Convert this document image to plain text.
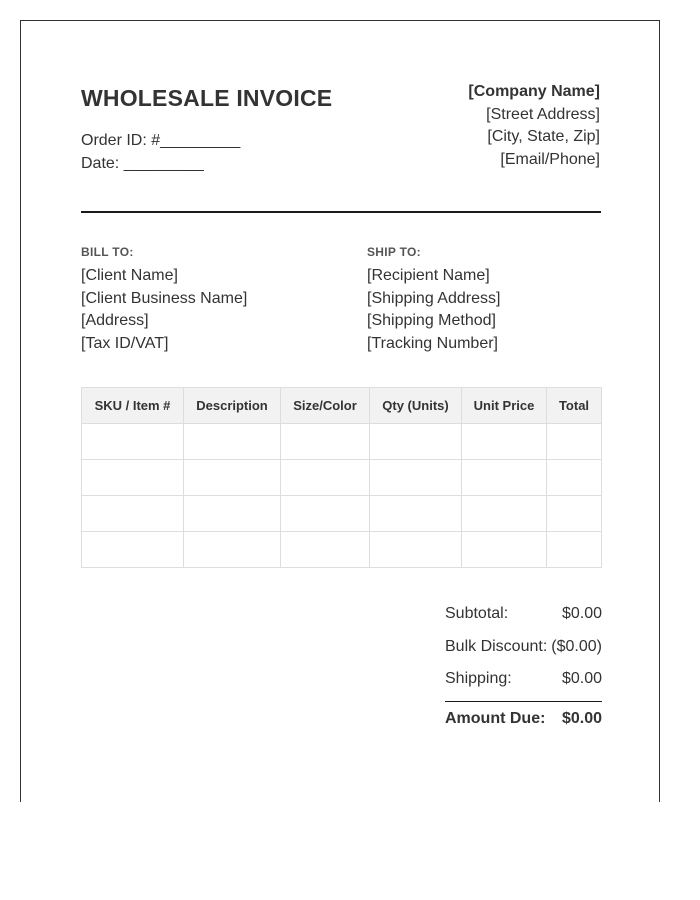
WHOLESALE INVOICE
Order ID: #_________
Date: _________
[Company Name]
[Street Address]
[City, State, Zip]
[Email/Phone]
BILL TO:
[Client Name]
[Client Business Name]
[Address]
[Tax ID/VAT]
SHIP TO:
[Recipient Name]
[Shipping Address]
[Shipping Method]
[Tracking Number]
SKU / Item #	Description	Size/Color	Qty (Units)	Unit Price	Total

Subtotal:	$0.00
Bulk Discount: ($0.00)
Shipping:	$0.00
Amount Due: $0.00
